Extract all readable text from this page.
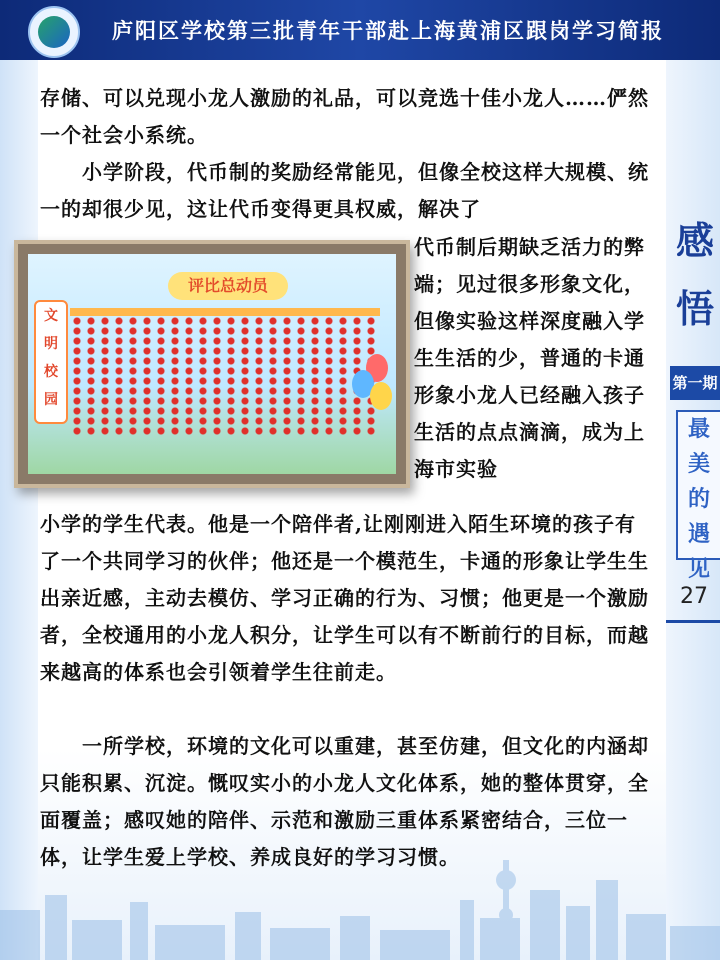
庐阳区学校第三批青年干部赴上海黄浦区跟岗学习简报

存储、可以兑现小龙人激励的礼品，可以竞选十佳小龙人……俨然一个社会小系统。

　　小学阶段，代币制的奖励经常能见，但像全校这样大规模、统一的却很少见，这让代币变得更具权威，解决了

代币制后期缺乏活力的弊端；见过很多形象文化，但像实验这样深度融入学生生活的少，普通的卡通形象小龙人已经融入孩子生活的点点滴滴，成为上海市实验

评比总动员
文
明
校
园

小学的学生代表。他是一个陪伴者,让刚刚进入陌生环境的孩子有了一个共同学习的伙伴；他还是一个模范生，卡通的形象让学生生出亲近感，主动去模仿、学习正确的行为、习惯；他更是一个激励者，全校通用的小龙人积分，让学生可以有不断前行的目标，而越来越高的体系也会引领着学生往前走。

　　一所学校，环境的文化可以重建，甚至仿建，但文化的内涵却只能积累、沉淀。慨叹实小的小龙人文化体系，她的整体贯穿，全面覆盖；感叹她的陪伴、示范和激励三重体系紧密结合，三位一体，让学生爱上学校、养成良好的学习习惯。

感
悟
第一期
最
美
的
遇
见
27
